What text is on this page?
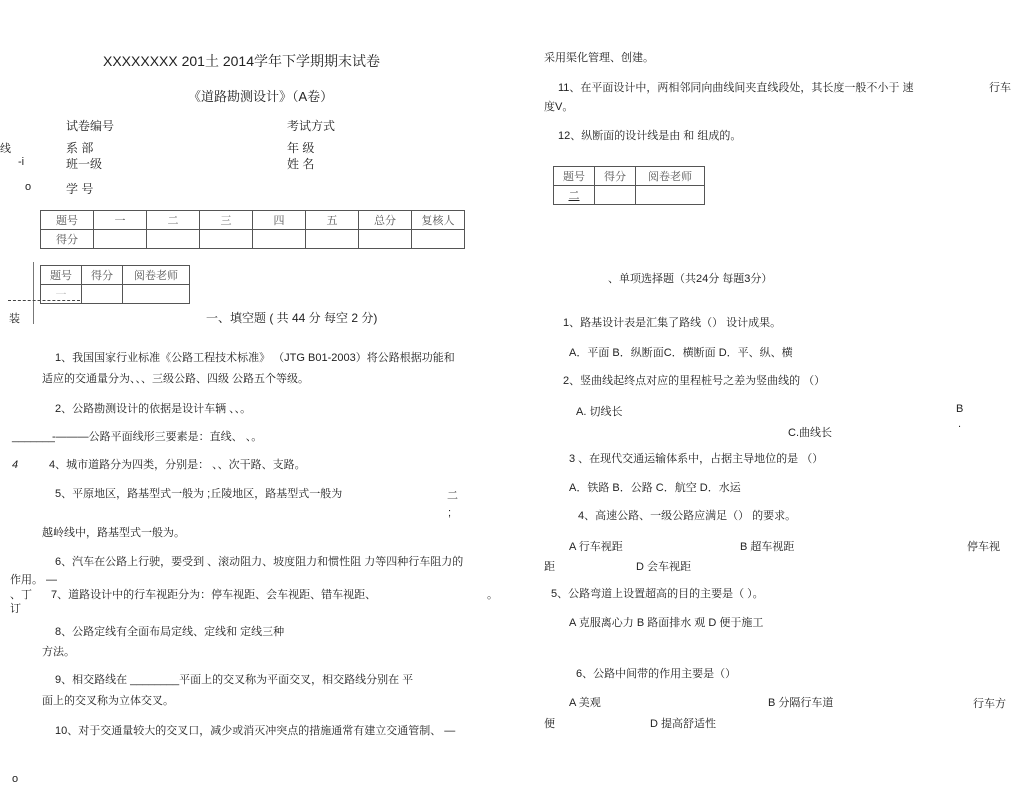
XXXXXXXX 201土 2014学年下学期期末试卷
《道路勘测设计》（A卷）
试卷编号	考试方式
系 部	年 级
班一级	姓 名
学 号
线
-i
o
装
4
、丁
订
o
题号	一	二	三	四	五	总分	复核人
得分							
题号	得分	阅卷老师
一		
一、填空题 ( 共 44 分 每空 2 分)
1、我国国家行业标准《公路工程技术标准》 （JTG B01-2003）将公路根据功能和
适应的交通量分为、、、三级公路、四级 公路五个等级。
2、公路勘测设计的依据是设计车辆 、、。
_______
-———公路平面线形三要素是：直线、 、。
4、城市道路分为四类，分别是： 、、次干路、支路。
5、平原地区，路基型式一般为 ;丘陵地区，路基型式一般为	二
;
越岭线中，路基型式一般为。
6、汽车在公路上行驶，要受到 、滚动阻力、坡度阻力和惯性阻 力等四种行车阻力的
作用。 —
7、道路设计中的行车视距分为：停车视距、会车视距、错车视距、	。
8、公路定线有全面布局定线、定线和 定线三种
方法。
9、相交路线在 ________平面上的交叉称为平面交叉，相交路线分别在 平
面上的交叉称为立体交叉。
10、对于交通量较大的交叉口，减少或消灭冲突点的措施通常有建立交通管制、 —
采用渠化管理、创建。
11、在平面设计中，两相邻同向曲线间夹直线段处，其长度一般不小于 速	行车
度V。
12、纵断面的设计线是由 和 组成的。
题号	得分	阅卷老师
二		
、单项选择题（共24分 每题3分）
1、路基设计表是汇集了路线（） 设计成果。
A．平面 B．纵断面C．横断面 D．平、纵、横
2、竖曲线起终点对应的里程桩号之差为竖曲线的 （）
A. 切线长	B
.
C.曲线长
3 、在现代交通运输体系中，占据主导地位的是 （）
A．铁路 B．公路 C．航空 D．水运
4、高速公路、一级公路应满足（） 的要求。
A 行车视距	B 超车视距	停车视
距	D 会车视距
5、公路弯道上设置超高的目的主要是（ ）。
A 克服离心力 B 路面排水 观 D 便于施工
6、公路中间带的作用主要是（）
A 美观	B 分隔行车道	行车方
便	D 提高舒适性
